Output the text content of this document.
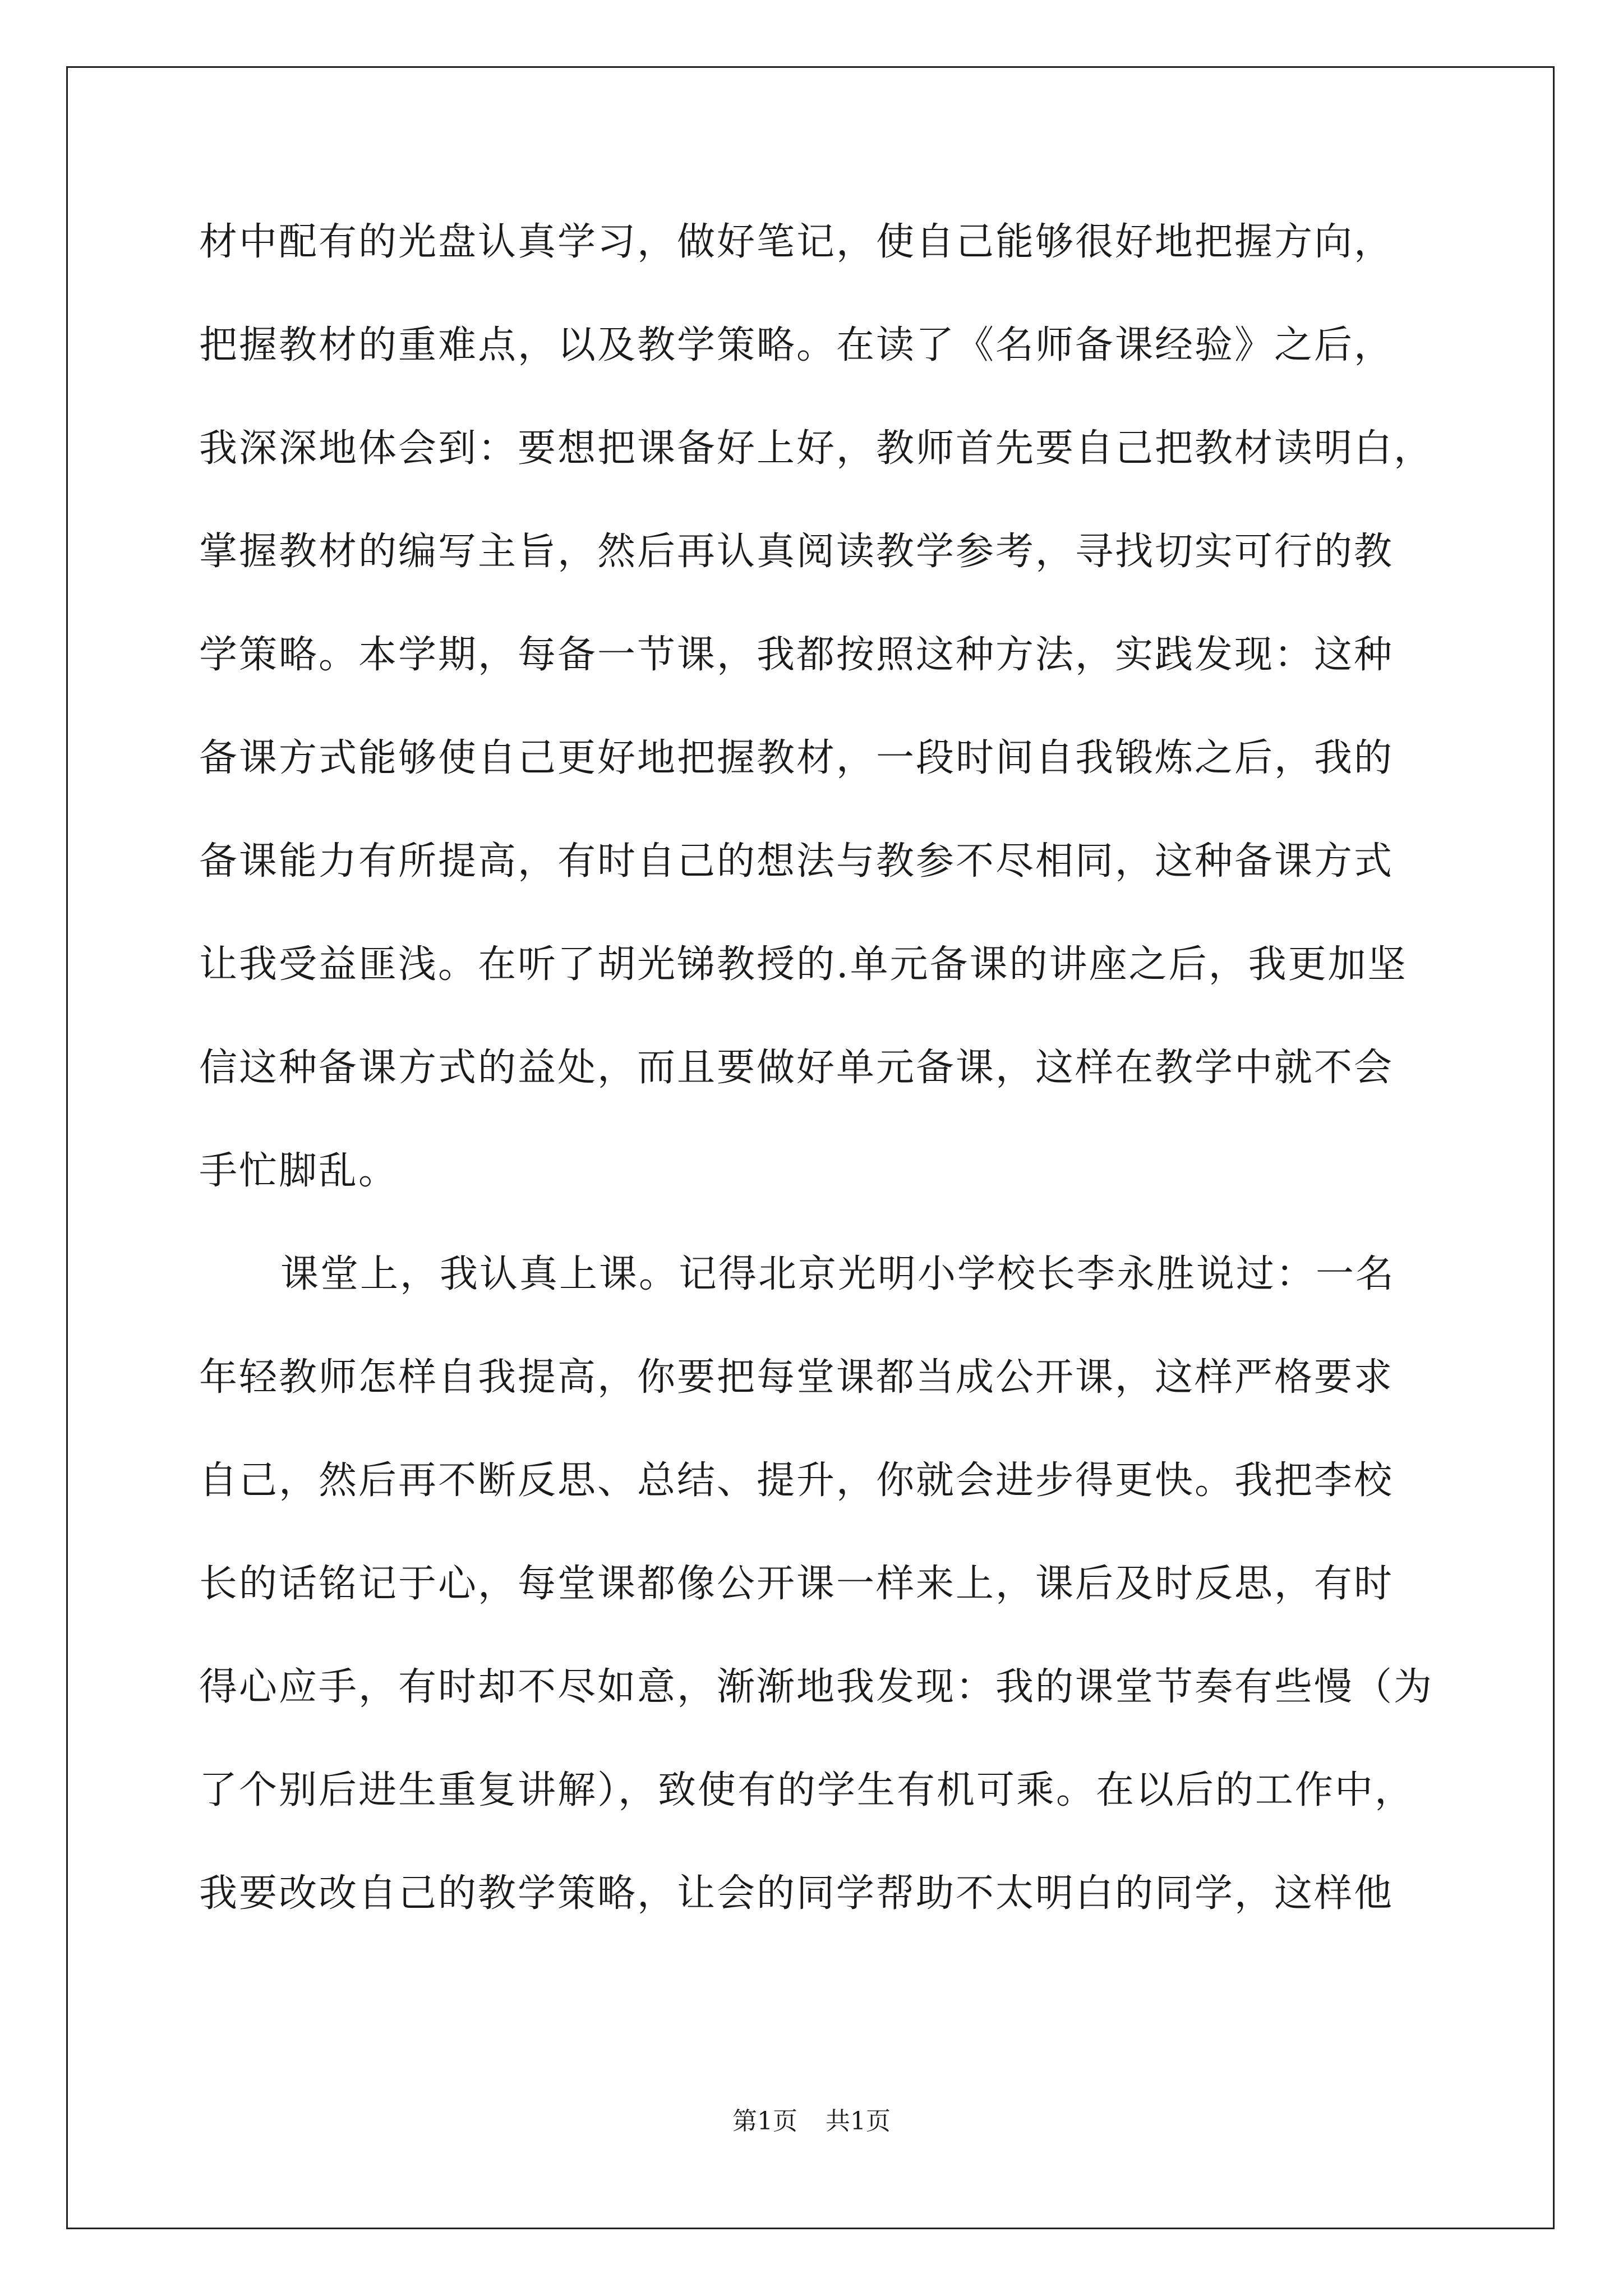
材中配有的光盘认真学习，做好笔记，使自己能够很好地把握方向，
把握教材的重难点，以及教学策略。在读了《名师备课经验》之后，
我深深地体会到：要想把课备好上好，教师首先要自己把教材读明白，
掌握教材的编写主旨，然后再认真阅读教学参考，寻找切实可行的教
学策略。本学期，每备一节课，我都按照这种方法，实践发现：这种
备课方式能够使自己更好地把握教材，一段时间自我锻炼之后，我的
备课能力有所提高，有时自己的想法与教参不尽相同，这种备课方式
让我受益匪浅。在听了胡光锑教授的.单元备课的讲座之后，我更加坚
信这种备课方式的益处，而且要做好单元备课，这样在教学中就不会
手忙脚乱。
课堂上，我认真上课。记得北京光明小学校长李永胜说过：一名
年轻教师怎样自我提高，你要把每堂课都当成公开课，这样严格要求
自己，然后再不断反思、总结、提升，你就会进步得更快。我把李校
长的话铭记于心，每堂课都像公开课一样来上，课后及时反思，有时
得心应手，有时却不尽如意，渐渐地我发现：我的课堂节奏有些慢（为
了个别后进生重复讲解），致使有的学生有机可乘。在以后的工作中，
我要改改自己的教学策略，让会的同学帮助不太明白的同学，这样他
第1页 共1页
